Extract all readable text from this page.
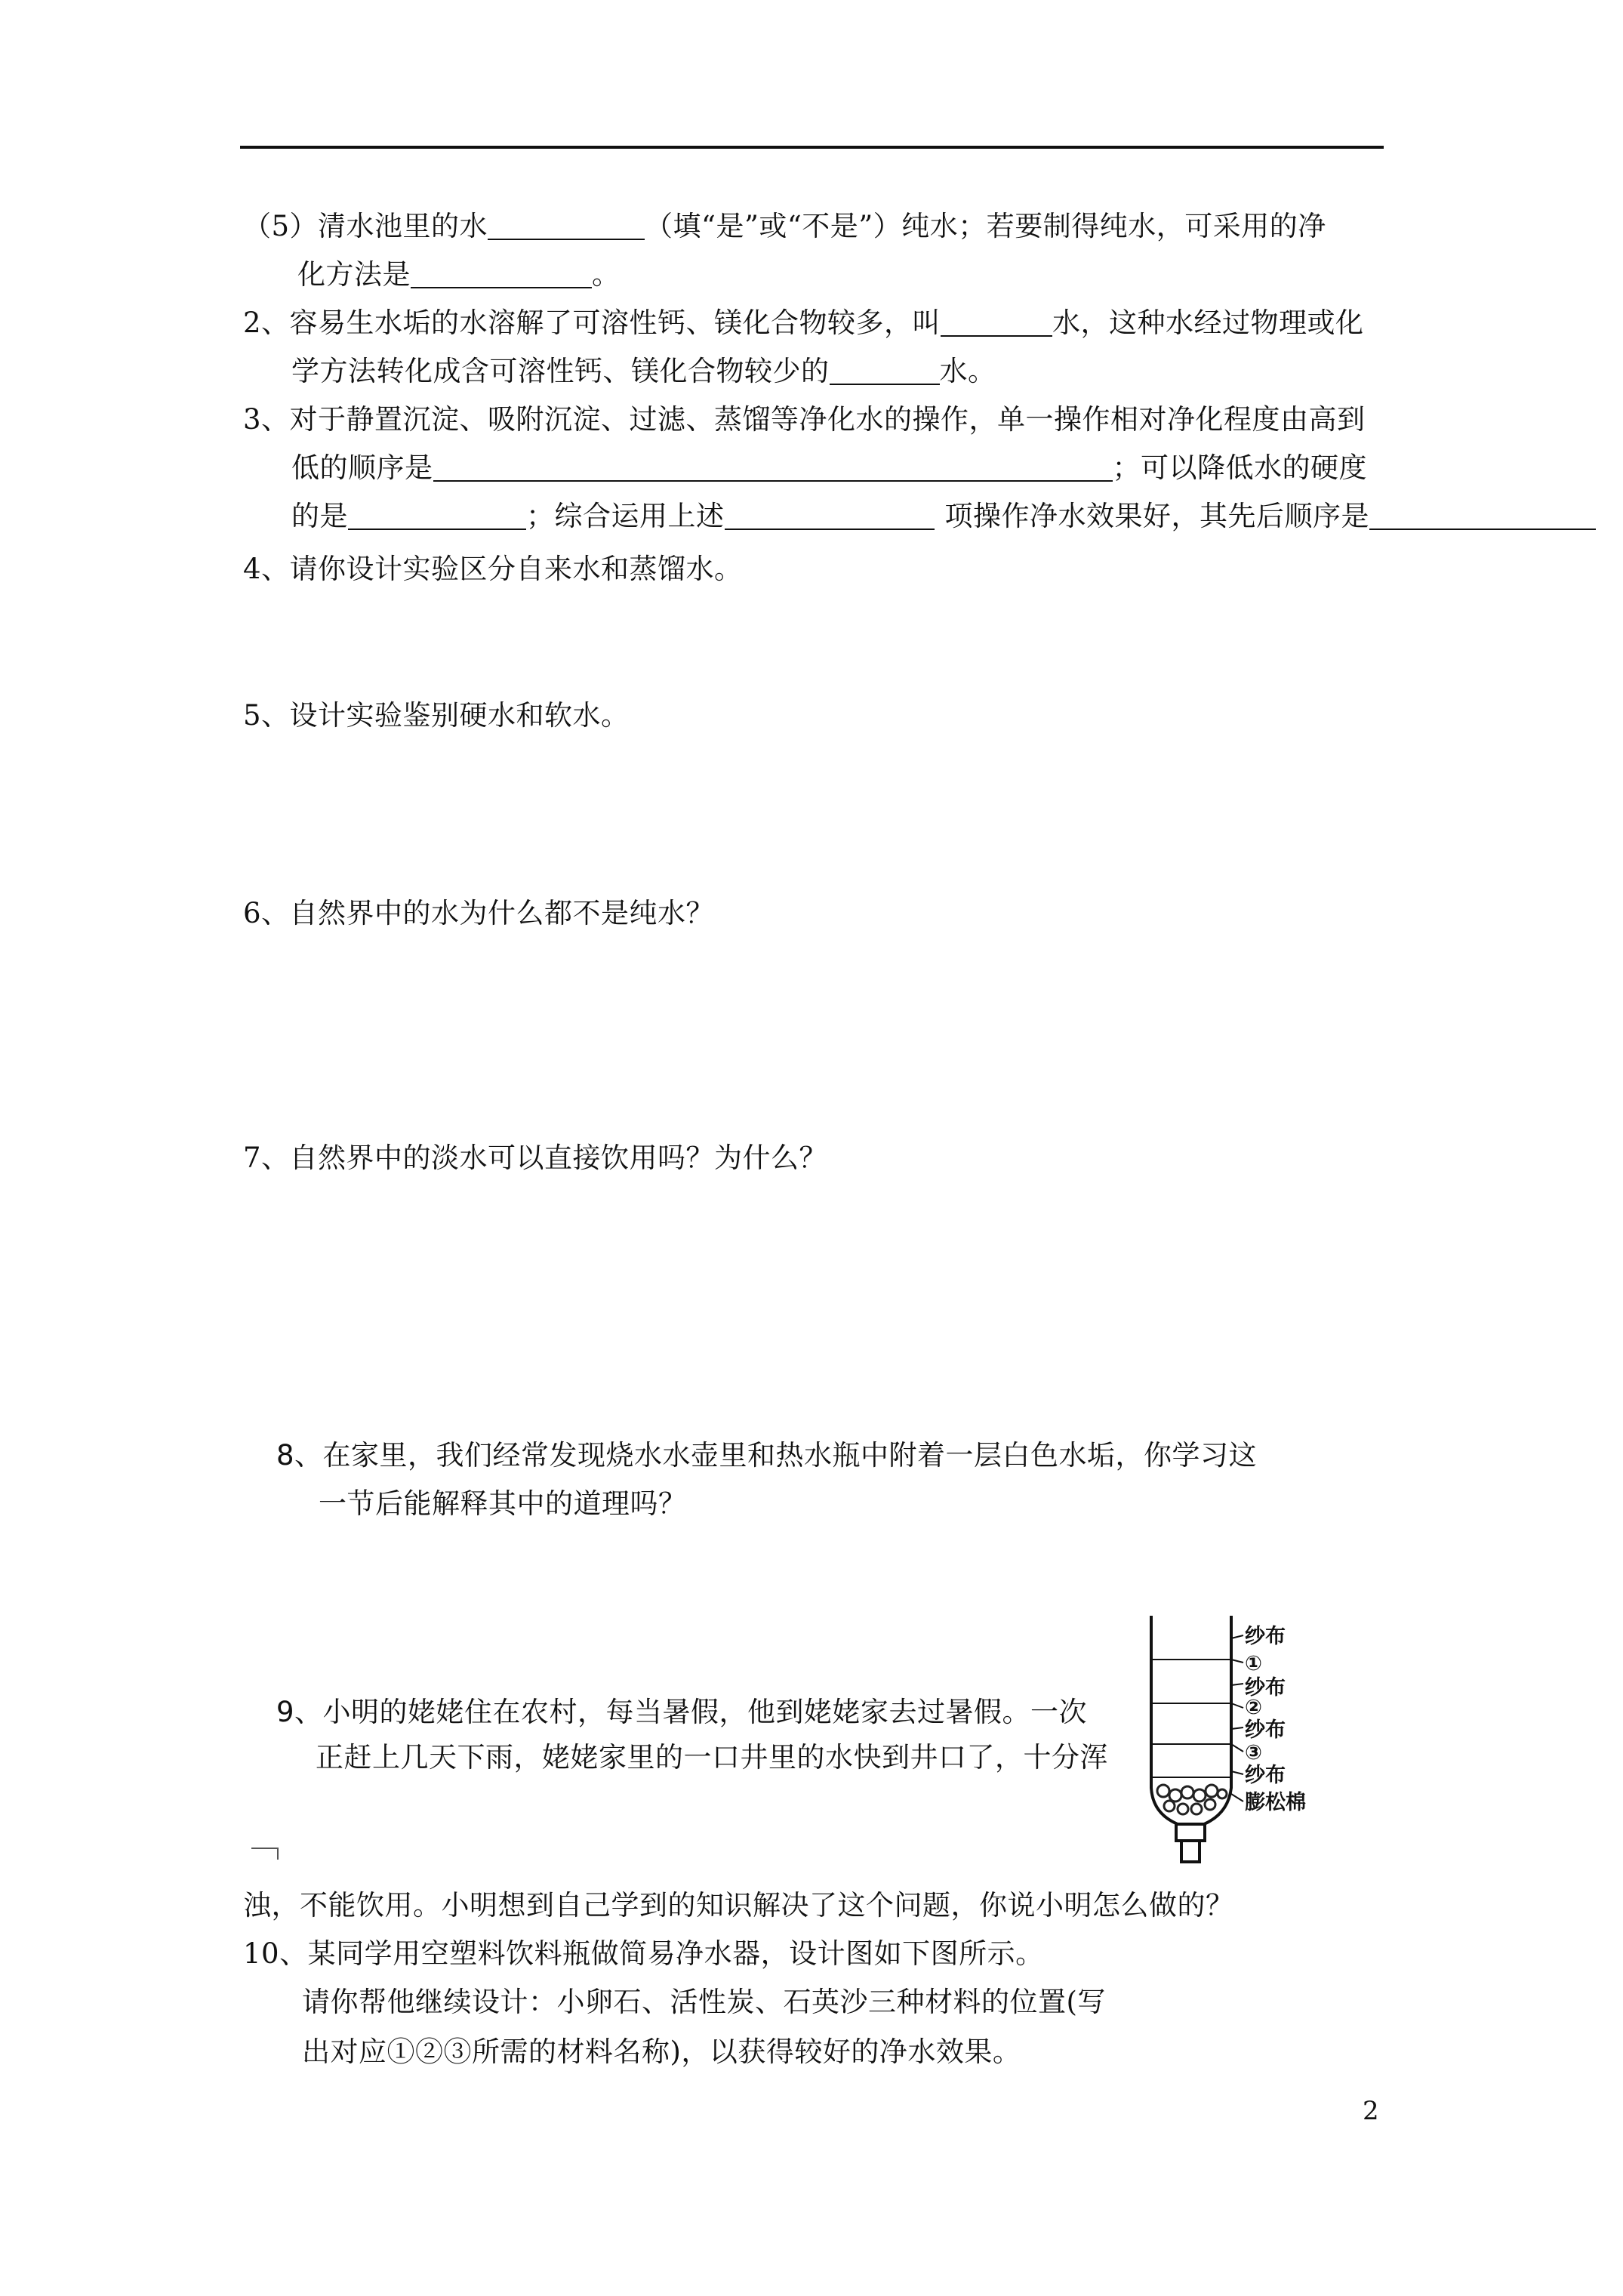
（5）清水池里的水	（填“是”或“不是”）纯水；若要制得纯水，可采用的净
化方法是	。
2、容易生水垢的水溶解了可溶性钙、镁化合物较多，叫	水，这种水经过物理或化
学方法转化成含可溶性钙、镁化合物较少的	水。
3、对于静置沉淀、吸附沉淀、过滤、蒸馏等净化水的操作，单一操作相对净化程度由高到
低的顺序是	；可以降低水的硬度
的是	；综合运用上述	项操作净水效果好，其先后顺序是
4、请你设计实验区分自来水和蒸馏水。
5、设计实验鉴别硬水和软水。
6、自然界中的水为什么都不是纯水？
7、自然界中的淡水可以直接饮用吗？为什么？
8、在家里，我们经常发现烧水水壶里和热水瓶中附着一层白色水垢，你学习这
一节后能解释其中的道理吗？
9、小明的姥姥住在农村，每当暑假，他到姥姥家去过暑假。一次
正赶上几天下雨，姥姥家里的一口井里的水快到井口了，十分浑
纱布
①
纱布
②
纱布
③
纱布
膨松棉
浊，不能饮用。小明想到自己学到的知识解决了这个问题，你说小明怎么做的？
10、某同学用空塑料饮料瓶做简易净水器，设计图如下图所示。
请你帮他继续设计：小卵石、活性炭、石英沙三种材料的位置(写
出对应①②③所需的材料名称)，以获得较好的净水效果。
2
